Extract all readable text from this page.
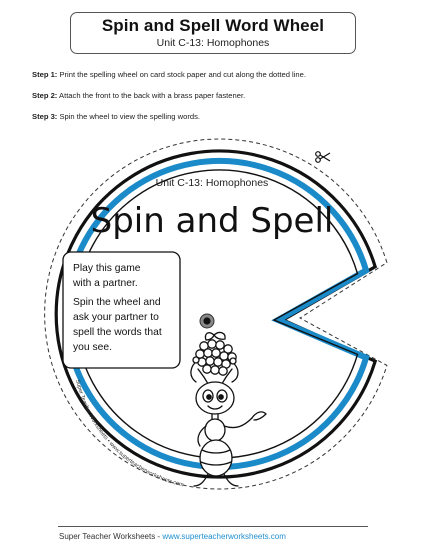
Spin and Spell Word Wheel
Unit C-13: Homophones
Step 1: Print the spelling wheel on card stock paper and cut along the dotted line.
Step 2: Attach the front to the back with a brass paper fastener.
Step 3: Spin the wheel to view the spelling words.
Unit C-13: Homophones
Spin and Spell
Play this game with a partner. Spin the wheel and ask your partner to spell the words that you see.
Super Teacher Worksheets • www.superteacherworksheets.com
Super Teacher Worksheets - www.superteacherworksheets.com
